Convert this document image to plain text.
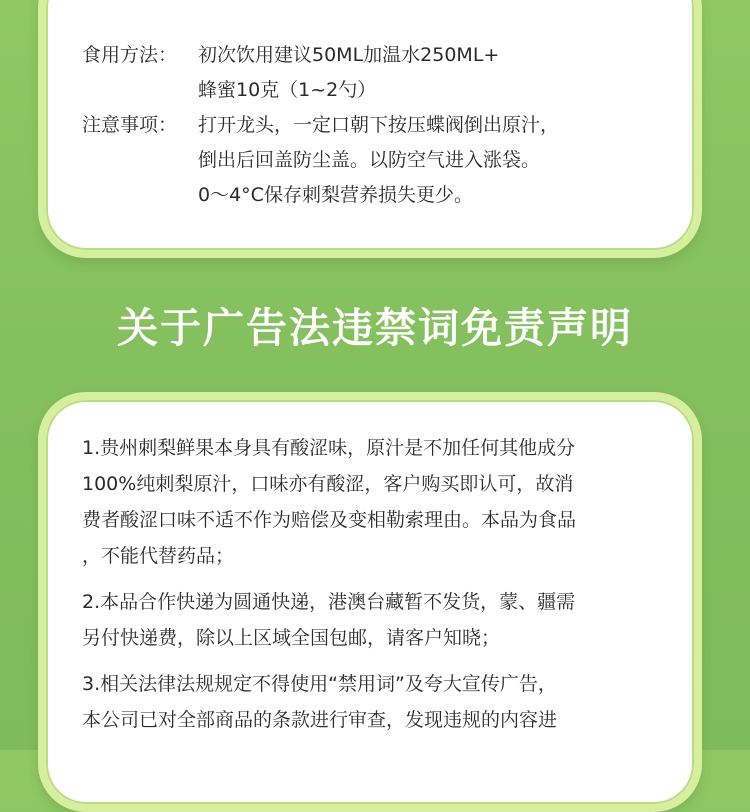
食用方法：	初次饮用建议50ML加温水250ML+
蜂蜜10克（1~2勺）
注意事项：	打开龙头，一定口朝下按压蝶阀倒出原汁，
倒出后回盖防尘盖。以防空气进入涨袋。
0～4°C保存刺梨营养损失更少。
关于广告法违禁词免责声明
1.贵州刺梨鲜果本身具有酸涩味，原汁是不加任何其他成分
100%纯刺梨原汁，口味亦有酸涩，客户购买即认可，故消
费者酸涩口味不适不作为赔偿及变相勒索理由。本品为食品
，不能代替药品；
2.本品合作快递为圆通快递，港澳台藏暂不发货，蒙、疆需
另付快递费，除以上区域全国包邮，请客户知晓；
3.相关法律法规规定不得使用“禁用词”及夸大宣传广告，
本公司已对全部商品的条款进行审查，发现违规的内容进
